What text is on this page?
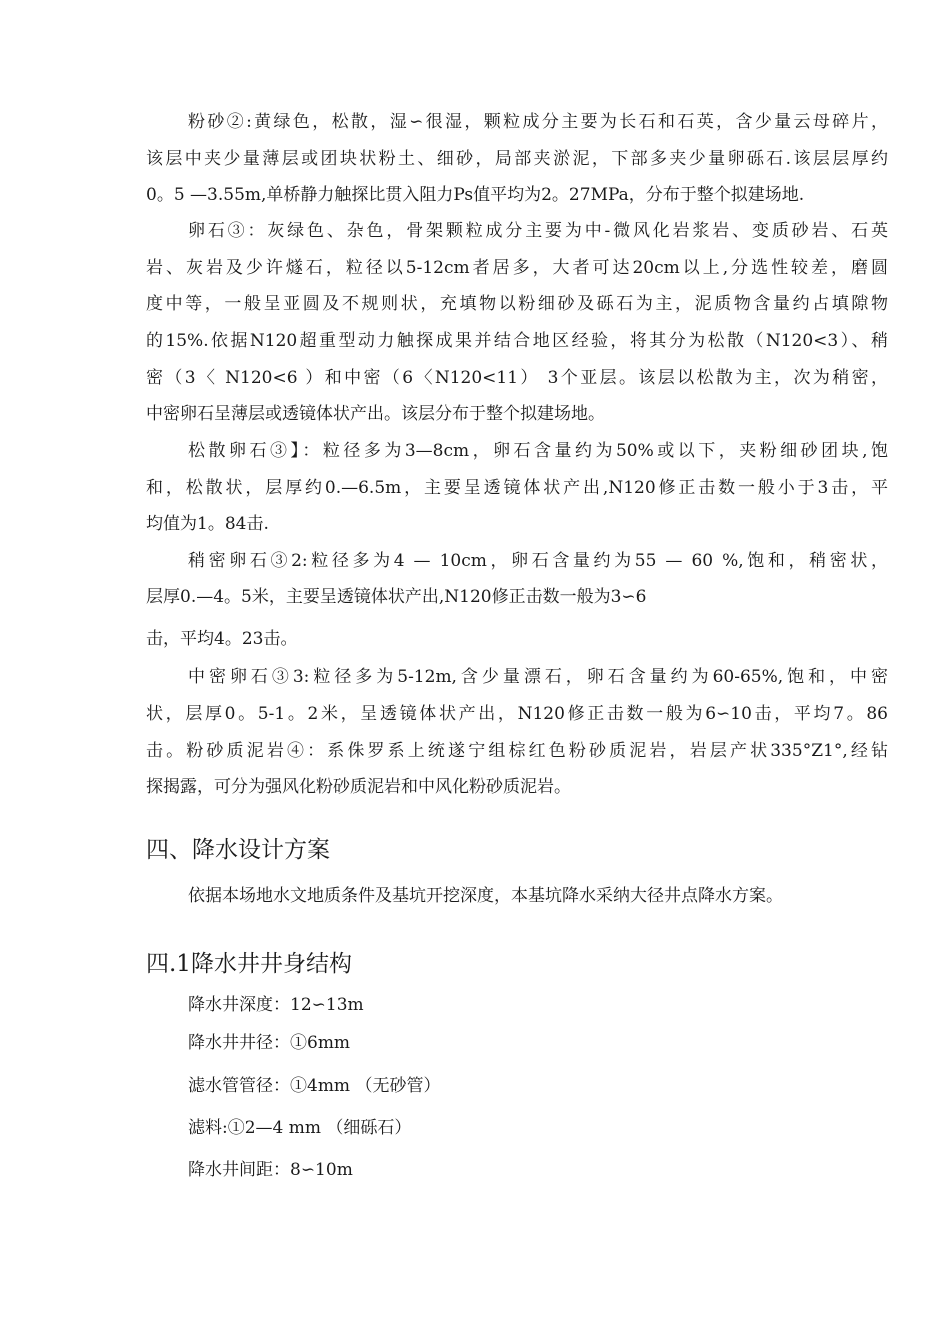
粉砂②:黄绿色，松散，湿∽很湿，颗粒成分主要为长石和石英，含少量云母碎片，
该层中夹少量薄层或团块状粉土、细砂，局部夹淤泥，下部多夹少量卵砾石.该层层厚约
0。5 —3.55m,单桥静力触探比贯入阻力Ps值平均为2。27MPa，分布于整个拟建场地.
卵石③：灰绿色、杂色，骨架颗粒成分主要为中-微风化岩浆岩、变质砂岩、石英
岩、灰岩及少许燧石，粒径以5-12cm者居多，大者可达20cm以上,分选性较差，磨圆
度中等，一般呈亚圆及不规则状，充填物以粉细砂及砾石为主，泥质物含量约占填隙物
的15%.依据N120超重型动力触探成果并结合地区经验，将其分为松散（N120<3）、稍
密（3〈 N120<6 ）和中密（6〈N120<11） 3个亚层。该层以松散为主，次为稍密，
中密卵石呈薄层或透镜体状产出。该层分布于整个拟建场地。
松散卵石③】：粒径多为3—8cm，卵石含量约为50%或以下，夹粉细砂团块,饱
和，松散状，层厚约0.—6.5m，主要呈透镜体状产出,N120修正击数一般小于3击，平
均值为1。84击.
稍密卵石③2:粒径多为4 — 10cm，卵石含量约为55 — 60 %,饱和，稍密状，
层厚0.—4。5米，主要呈透镜体状产出,N120修正击数一般为3∽6
击，平均4。23击。
中密卵石③3:粒径多为5-12m,含少量漂石，卵石含量约为60-65%,饱和，中密
状，层厚0。5-1。2米，呈透镜体状产出，N120修正击数一般为6∽10击，平均7。86
击。粉砂质泥岩④：系侏罗系上统遂宁组棕红色粉砂质泥岩，岩层产状335°Z1°,经钻
探揭露，可分为强风化粉砂质泥岩和中风化粉砂质泥岩。
四、降水设计方案
依据本场地水文地质条件及基坑开挖深度，本基坑降水采纳大径井点降水方案。
四.1降水井井身结构
降水井深度：12∽13m
降水井井径：①6mm
滤水管管径：①4mm （无砂管）
滤料:①2—4 mm （细砾石）
降水井间距：8∽10m
